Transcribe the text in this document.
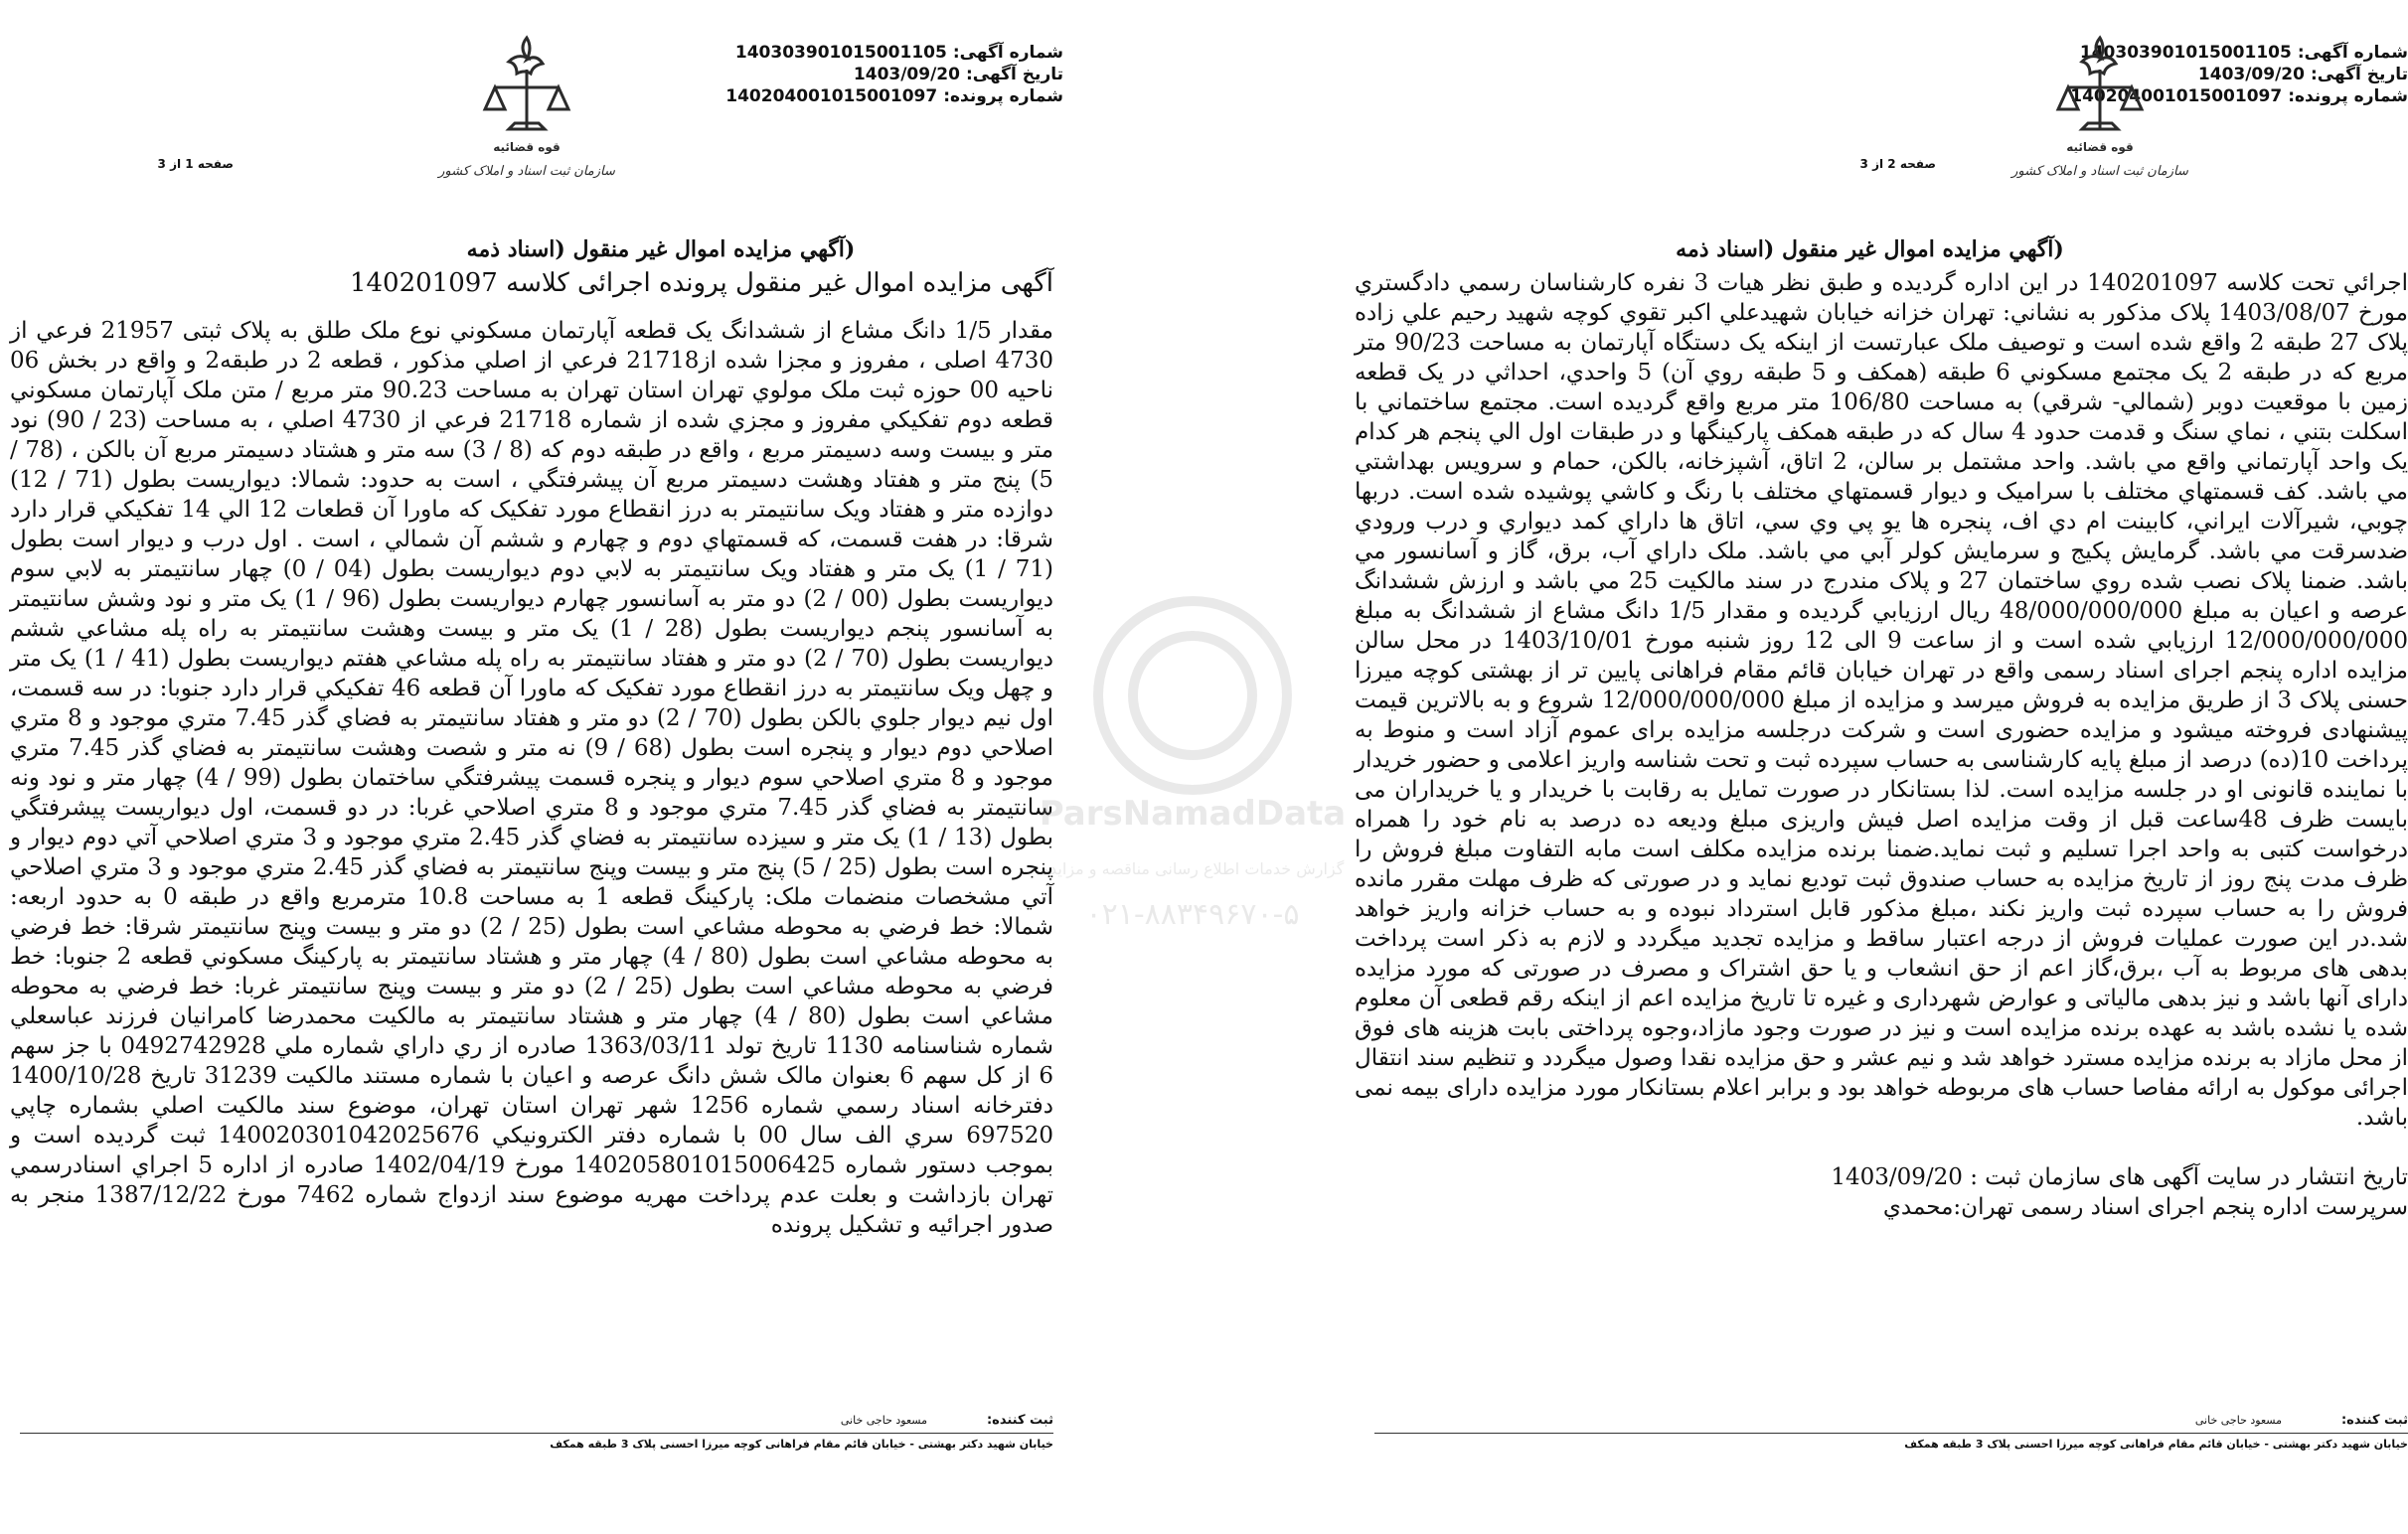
شماره آگهی:140303901015001105
تاریخ آگهی:1403/09/20
شماره پرونده:140204001015001097
قوه قضائیه
سازمان ثبت اسناد و املاک کشور
صفحه 2 از 3
(آگهي مزايده اموال غير منقول (اسناد ذمه

اجرائي تحت كلاسه 140201097 در اين اداره گرديده و طبق نظر هيات 3 نفره كارشناسان رسمي دادگستري مورخ 1403/08/07 پلاک مذكور به نشاني: تهران خزانه خيابان شهيدعلي اكبر تقوي كوچه شهيد رحيم علي زاده پلاک 27 طبقه 2 واقع شده است و توصيف ملک عبارتست از اينكه يک دستگاه آپارتمان به مساحت 90/23 متر مربع كه در طبقه 2 يک مجتمع مسكوني 6 طبقه (همكف و 5 طبقه روي آن) 5 واحدي، احداثي در يک قطعه زمين با موقعيت دوبر (شمالي- شرقي) به مساحت 106/80 متر مربع واقع گرديده است. مجتمع ساختماني با اسكلت بتني ، نماي سنگ و قدمت حدود 4 سال كه در طبقه همكف پاركينگها و در طبقات اول الي پنجم هر كدام يک واحد آپارتماني واقع مي باشد. واحد مشتمل بر سالن، 2 اتاق، آشپزخانه، بالكن، حمام و سرويس بهداشتي مي باشد. كف قسمتهاي مختلف با سراميک و ديوار قسمتهاي مختلف با رنگ و كاشي پوشيده شده است. دربها چوبي، شيرآلات ايراني، كابينت ام دي اف، پنجره ها يو پي وي سي، اتاق ها داراي كمد ديواري و درب ورودي ضدسرقت مي باشد. گرمايش پكيج و سرمايش كولر آبي مي باشد. ملک داراي آب، برق، گاز و آسانسور مي باشد. ضمنا پلاک نصب شده روي ساختمان 27 و پلاک مندرج در سند مالكيت 25 مي باشد و ارزش ششدانگ عرصه و اعيان به مبلغ 48/000/000/000 ريال ارزيابي گرديده و مقدار 1/5 دانگ مشاع از ششدانگ به مبلغ 12/000/000/000 ارزيابي شده است و از ساعت 9 الی 12 روز شنبه مورخ 1403/10/01 در محل سالن مزايده اداره پنجم اجرای اسناد رسمی واقع در تهران خيابان قائم مقام فراهانی پايين تر از بهشتی کوچه ميرزا حسنی پلاک 3 از طريق مزايده به فروش ميرسد و مزايده از مبلغ 12/000/000/000 شروع و به بالاترين قيمت پيشنهادی فروخته ميشود و مزايده حضوری است و شرکت درجلسه مزايده برای عموم آزاد است و منوط به پرداخت 10(ده) درصد از مبلغ پايه کارشناسی به حساب سپرده ثبت و تحت شناسه واريز اعلامی و حضور خريدار با نماينده قانونی او در جلسه مزايده است. لذا بستانکار در صورت تمايل به رقابت با خريدار و يا خريداران می بايست ظرف 48ساعت قبل از وقت مزايده اصل فيش واريزی مبلغ وديعه ده درصد به نام خود را همراه درخواست کتبی به واحد اجرا تسليم و ثبت نمايد.ضمنا برنده مزايده مکلف است مابه التفاوت مبلغ فروش را ظرف مدت پنج روز از تاريخ مزايده به حساب صندوق ثبت توديع نمايد و در صورتی که ظرف مهلت مقرر مانده فروش را به حساب سپرده ثبت واريز نکند ،مبلغ مذکور قابل استرداد نبوده و به حساب خزانه واريز خواهد شد.در اين صورت عمليات فروش از درجه اعتبار ساقط و مزايده تجديد ميگردد و لازم به ذکر است پرداخت بدهی های مربوط به آب ،برق،گاز اعم از حق انشعاب و يا حق اشتراک و مصرف در صورتی که مورد مزايده دارای آنها باشد و نيز بدهی مالياتی و عوارض شهرداری و غيره تا تاريخ مزايده اعم از اينکه رقم قطعی آن معلوم شده يا نشده باشد به عهده برنده مزايده است و نيز در صورت وجود مازاد،وجوه پرداختی بابت هزينه های فوق از محل مازاد به برنده مزايده مسترد خواهد شد و نيم عشر و حق مزايده نقدا وصول ميگردد و تنظيم سند انتقال اجرائی موکول به ارائه مفاصا حساب های مربوطه خواهد بود و برابر اعلام بستانکار مورد مزايده دارای بيمه نمی باشد.

تاريخ انتشار در سايت آگهی های سازمان ثبت : 1403/09/20

سرپرست اداره پنجم اجرای اسناد رسمی تهران:محمدي

ثبت کننده:مسعود حاجی خانی
خیابان شهید دکتر بهشتی - خیابان قائم مقام فراهانی کوچه میرزا احسنی پلاک 3 طبقه همکف
شماره آگهی:140303901015001105
تاریخ آگهی:1403/09/20
شماره پرونده:140204001015001097
قوه قضائیه
سازمان ثبت اسناد و املاک کشور
صفحه 1 از 3
(آگهي مزايده اموال غير منقول (اسناد ذمه

آگهی مزايده اموال غير منقول پرونده اجرائی کلاسه 140201097

مقدار 1/5 دانگ مشاع از ششدانگ يک قطعه آپارتمان مسکوني نوع ملک طلق به پلاک ثبتی 21957 فرعي از 4730 اصلی ، مفروز و مجزا شده از21718 فرعي از اصلي مذكور ، قطعه 2 در طبقه2 و واقع در بخش 06 ناحيه 00 حوزه ثبت ملک مولوي تهران استان تهران به مساحت 90.23 متر مربع / متن ملک آپارتمان مسكوني قطعه دوم تفكيكي مفروز و مجزي شده از شماره 21718 فرعي از 4730 اصلي ، به مساحت (23 / 90) نود متر و بيست وسه دسيمتر مربع ، واقع در طبقه دوم كه (8 / 3) سه متر و هشتاد دسيمتر مربع آن بالكن ، (78 / 5) پنج متر و هفتاد وهشت دسيمتر مربع آن پيشرفتگي ، است به حدود: شمالا: ديواريست بطول (71 / 12) دوازده متر و هفتاد ويک سانتيمتر به درز انقطاع مورد تفكيک كه ماورا آن قطعات 12 الي 14 تفكيكي قرار دارد شرقا: در هفت قسمت، كه قسمتهاي دوم و چهارم و ششم آن شمالي ، است . اول درب و ديوار است بطول (71 / 1) يک متر و هفتاد ويک سانتيمتر به لابي دوم ديواريست بطول (04 / 0) چهار سانتيمتر به لابي سوم ديواريست بطول (00 / 2) دو متر به آسانسور چهارم ديواريست بطول (96 / 1) يک متر و نود وشش سانتيمتر به آسانسور پنجم ديواريست بطول (28 / 1) يک متر و بيست وهشت سانتيمتر به راه پله مشاعي ششم ديواريست بطول (70 / 2) دو متر و هفتاد سانتيمتر به راه پله مشاعي هفتم ديواريست بطول (41 / 1) يک متر و چهل ويک سانتيمتر به درز انقطاع مورد تفكيک كه ماورا آن قطعه 46 تفكيكي قرار دارد جنوبا: در سه قسمت، اول نيم ديوار جلوي بالكن بطول (70 / 2) دو متر و هفتاد سانتيمتر به فضاي گذر 7.45 متري موجود و 8 متري اصلاحي دوم ديوار و پنجره است بطول (68 / 9) نه متر و شصت وهشت سانتيمتر به فضاي گذر 7.45 متري موجود و 8 متري اصلاحي سوم ديوار و پنجره قسمت پيشرفتگي ساختمان بطول (99 / 4) چهار متر و نود ونه سانتيمتر به فضاي گذر 7.45 متري موجود و 8 متري اصلاحي غربا: در دو قسمت، اول ديواريست پيشرفتگي بطول (13 / 1) يک متر و سيزده سانتيمتر به فضاي گذر 2.45 متري موجود و 3 متري اصلاحي آتي دوم ديوار و پنجره است بطول (25 / 5) پنج متر و بيست وپنج سانتيمتر به فضاي گذر 2.45 متري موجود و 3 متري اصلاحي آتي مشخصات منضمات ملک: پاركينگ قطعه 1 به مساحت 10.8 مترمربع واقع در طبقه 0 به حدود اربعه: شمالا: خط فرضي به محوطه مشاعي است بطول (25 / 2) دو متر و بيست وپنج سانتيمتر شرقا: خط فرضي به محوطه مشاعي است بطول (80 / 4) چهار متر و هشتاد سانتيمتر به پاركينگ مسكوني قطعه 2 جنوبا: خط فرضي به محوطه مشاعي است بطول (25 / 2) دو متر و بيست وپنج سانتيمتر غربا: خط فرضي به محوطه مشاعي است بطول (80 / 4) چهار متر و هشتاد سانتيمتر به مالکيت محمدرضا کامرانيان فرزند عباسعلي شماره شناسنامه 1130 تاريخ تولد 1363/03/11 صادره از ري داراي شماره ملي 0492742928 با جز سهم 6 از کل سهم 6 بعنوان مالک شش دانگ عرصه و اعيان با شماره مستند مالکيت 31239 تاريخ 1400/10/28 دفترخانه اسناد رسمي شماره 1256 شهر تهران استان تهران، موضوع سند مالکيت اصلي بشماره چاپي 697520 سري الف سال 00 با شماره دفتر الکترونيکي 140020301042025676 ثبت گرديده است و بموجب دستور شماره 140205801015006425 مورخ 1402/04/19 صادره از اداره 5 اجراي اسنادرسمي تهران بازداشت و بعلت عدم پرداخت مهريه موضوع سند ازدواج شماره 7462 مورخ 1387/12/22 منجر به صدور اجرائيه و تشكيل پرونده

ثبت کننده:مسعود حاجی خانی
خیابان شهید دکتر بهشتی - خیابان قائم مقام فراهانی کوچه میرزا احسنی پلاک 3 طبقه همکف
ParsNamadData
گزارش خدمات اطلاع رسانی مناقصه و مزایده
۰۲۱-۸۸۳۴۹۶۷۰-۵
